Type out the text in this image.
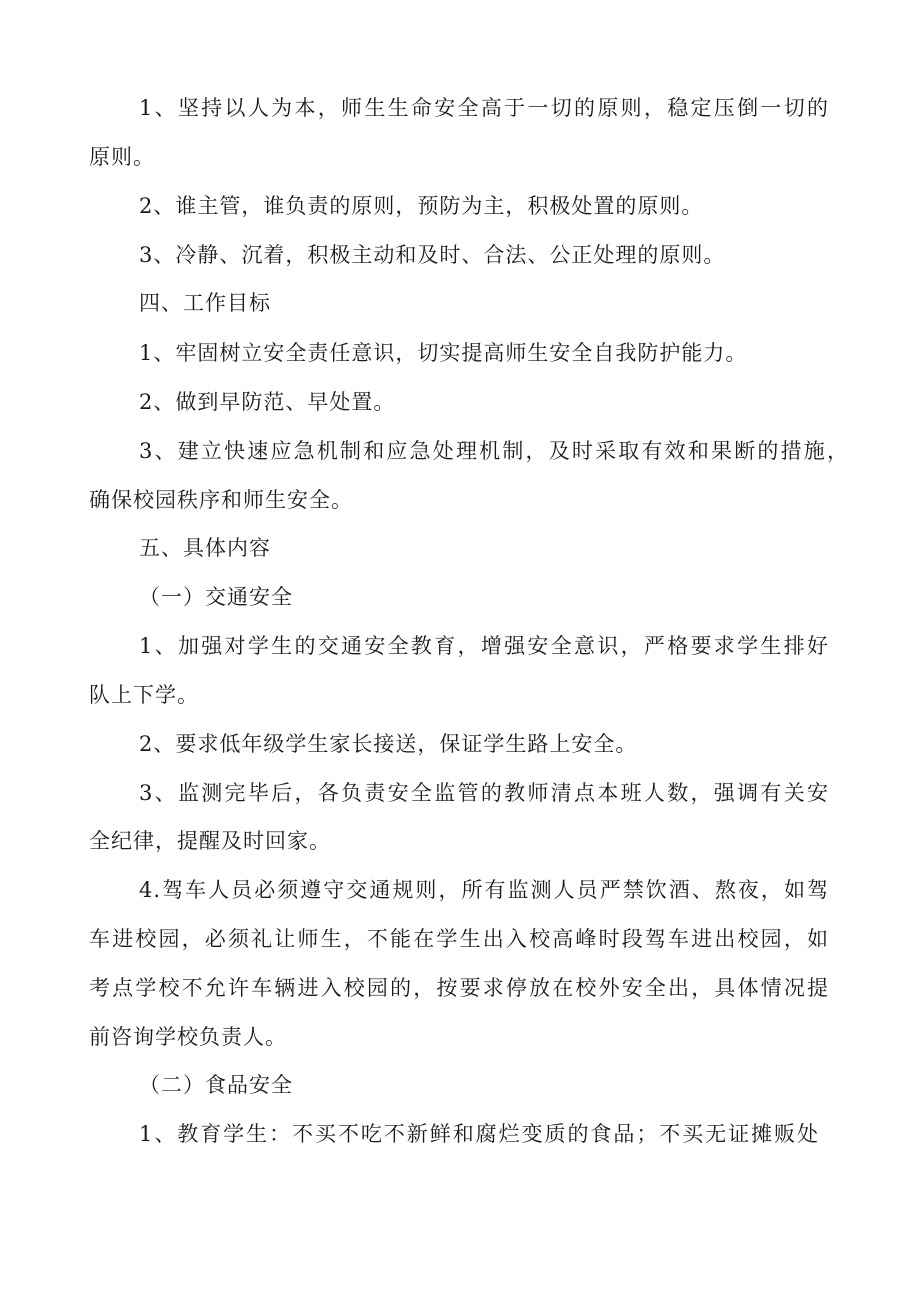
1、坚持以人为本，师生生命安全高于一切的原则，稳定压倒一切的
原则。
2、谁主管，谁负责的原则，预防为主，积极处置的原则。
3、冷静、沉着，积极主动和及时、合法、公正处理的原则。
四、工作目标
1、牢固树立安全责任意识，切实提高师生安全自我防护能力。
2、做到早防范、早处置。
3、建立快速应急机制和应急处理机制，及时采取有效和果断的措施，
确保校园秩序和师生安全。
五、具体内容
（一）交通安全
1、加强对学生的交通安全教育，增强安全意识，严格要求学生排好
队上下学。
2、要求低年级学生家长接送，保证学生路上安全。
3、监测完毕后，各负责安全监管的教师清点本班人数，强调有关安
全纪律，提醒及时回家。
4.驾车人员必须遵守交通规则，所有监测人员严禁饮酒、熬夜，如驾
车进校园，必须礼让师生，不能在学生出入校高峰时段驾车进出校园，如
考点学校不允许车辆进入校园的，按要求停放在校外安全出，具体情况提
前咨询学校负责人。
（二）食品安全
1、教育学生：不买不吃不新鲜和腐烂变质的食品；不买无证摊贩处
